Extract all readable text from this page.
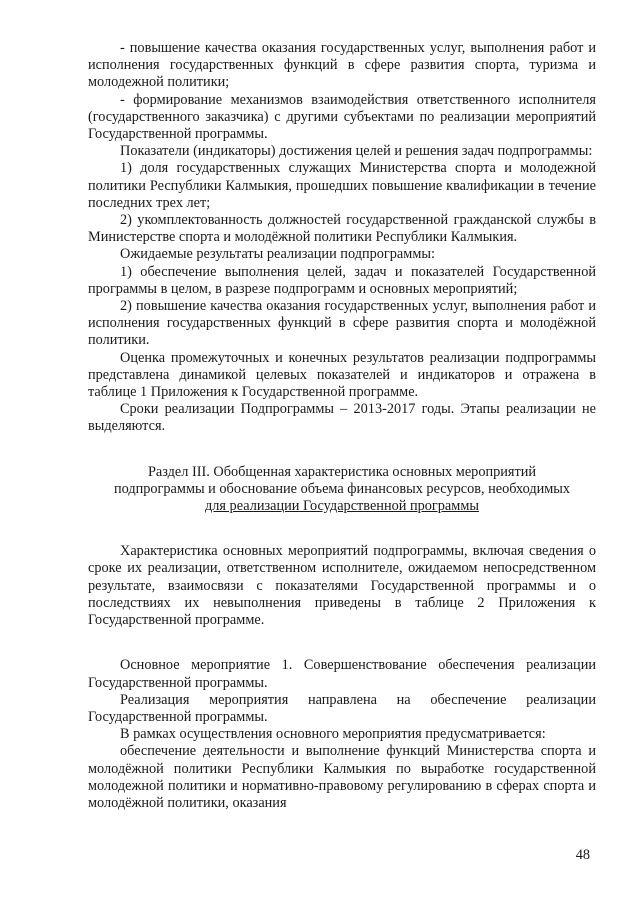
- повышение качества оказания государственных услуг, выполнения работ и исполнения государственных функций в сфере развития спорта, туризма и молодежной политики;

- формирование механизмов взаимодействия ответственного исполнителя (государственного заказчика) с другими субъектами по реализации мероприятий Государственной программы.

Показатели (индикаторы) достижения целей и решения задач подпрограммы:

1) доля государственных служащих Министерства спорта и молодежной политики Республики Калмыкия, прошедших повышение квалификации в течение последних трех лет;

2) укомплектованность должностей государственной гражданской службы в Министерстве спорта и молодёжной политики Республики Калмыкия.

Ожидаемые результаты реализации подпрограммы:

1) обеспечение выполнения целей, задач и показателей Государственной программы в целом, в разрезе подпрограмм и основных мероприятий;

2) повышение качества оказания государственных услуг, выполнения работ и исполнения государственных функций в сфере развития спорта и молодёжной политики.

Оценка промежуточных и конечных результатов реализации подпрограммы представлена динамикой целевых показателей и индикаторов и отражена в таблице 1 Приложения к Государственной программе.

Сроки реализации Подпрограммы – 2013-2017 годы. Этапы реализации не выделяются.

Раздел III. Обобщенная характеристика основных мероприятий
подпрограммы и обоснование объема финансовых ресурсов, необходимых
для реализации Государственной программы

Характеристика основных мероприятий подпрограммы, включая сведения о сроке их реализации, ответственном исполнителе, ожидаемом непосредственном результате, взаимосвязи с показателями Государственной программы и о последствиях их невыполнения приведены в таблице 2 Приложения к Государственной программе.

Основное мероприятие 1. Совершенствование обеспечения реализации Государственной программы.

Реализация мероприятия направлена на обеспечение реализации Государственной программы.

В рамках осуществления основного мероприятия предусматривается:

обеспечение деятельности и выполнение функций Министерства спорта и молодёжной политики Республики Калмыкия по выработке государственной молодежной политики и нормативно-правовому регулированию в сферах спорта и молодёжной политики, оказания

48
